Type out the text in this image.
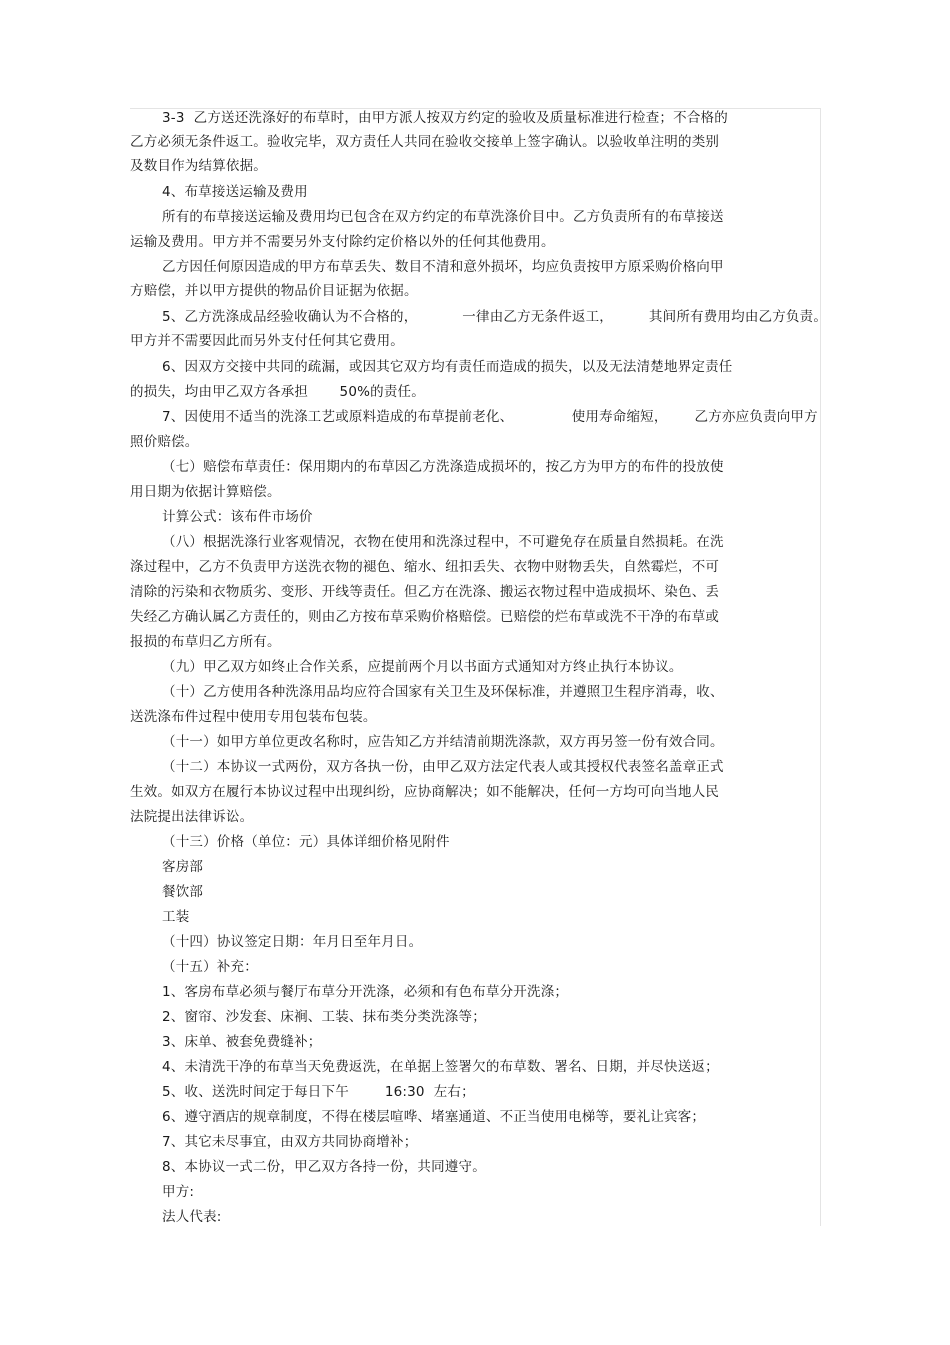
3-3  乙方送还洗涤好的布草时，由甲方派人按双方约定的验收及质量标准进行检查；不合格的
乙方必须无条件返工。验收完毕，双方责任人共同在验收交接单上签字确认。以验收单注明的类别
及数目作为结算依据。
4、布草接送运输及费用
所有的布草接送运输及费用均已包含在双方约定的布草洗涤价目中。乙方负责所有的布草接送
运输及费用。甲方并不需要另外支付除约定价格以外的任何其他费用。
乙方因任何原因造成的甲方布草丢失、数目不清和意外损坏，均应负责按甲方原采购价格向甲
方赔偿，并以甲方提供的物品价目证据为依据。
5、乙方洗涤成品经验收确认为不合格的，          一律由乙方无条件返工，        其间所有费用均由乙方负责。
甲方并不需要因此而另外支付任何其它费用。
6、因双方交接中共同的疏漏，或因其它双方均有责任而造成的损失，以及无法清楚地界定责任
的损失，均由甲乙双方各承担       50%的责任。
7、因使用不适当的洗涤工艺或原料造成的布草提前老化、             使用寿命缩短，      乙方亦应负责向甲方
照价赔偿。
（七）赔偿布草责任：保用期内的布草因乙方洗涤造成损坏的，按乙方为甲方的布件的投放使
用日期为依据计算赔偿。
计算公式：该布件市场价
（八）根据洗涤行业客观情况，衣物在使用和洗涤过程中，不可避免存在质量自然损耗。在洗
涤过程中，乙方不负责甲方送洗衣物的褪色、缩水、纽扣丢失、衣物中财物丢失，自然霉烂，不可
清除的污染和衣物质劣、变形、开线等责任。但乙方在洗涤、搬运衣物过程中造成损坏、染色、丢
失经乙方确认属乙方责任的，则由乙方按布草采购价格赔偿。已赔偿的烂布草或洗不干净的布草或
报损的布草归乙方所有。
（九）甲乙双方如终止合作关系，应提前两个月以书面方式通知对方终止执行本协议。
（十）乙方使用各种洗涤用品均应符合国家有关卫生及环保标准，并遵照卫生程序消毒，收、
送洗涤布件过程中使用专用包装布包装。
（十一）如甲方单位更改名称时，应告知乙方并结清前期洗涤款，双方再另签一份有效合同。
（十二）本协议一式两份，双方各执一份，由甲乙双方法定代表人或其授权代表签名盖章正式
生效。如双方在履行本协议过程中出现纠纷，应协商解决；如不能解决，任何一方均可向当地人民
法院提出法律诉讼。
（十三）价格（单位：元）具体详细价格见附件
客房部
餐饮部
工装
（十四）协议签定日期：年月日至年月日。
（十五）补充：
1、客房布草必须与餐厅布草分开洗涤，必须和有色布草分开洗涤；
2、窗帘、沙发套、床裥、工装、抹布类分类洗涤等；
3、床单、被套免费缝补；
4、未清洗干净的布草当天免费返洗，在单据上签署欠的布草数、署名、日期，并尽快送返；
5、收、送洗时间定于每日下午        16:30  左右；
6、遵守酒店的规章制度，不得在楼层喧哗、堵塞通道、不正当使用电梯等，要礼让宾客；
7、其它未尽事宜，由双方共同协商增补；
8、本协议一式二份，甲乙双方各持一份，共同遵守。
甲方:
法人代表:
